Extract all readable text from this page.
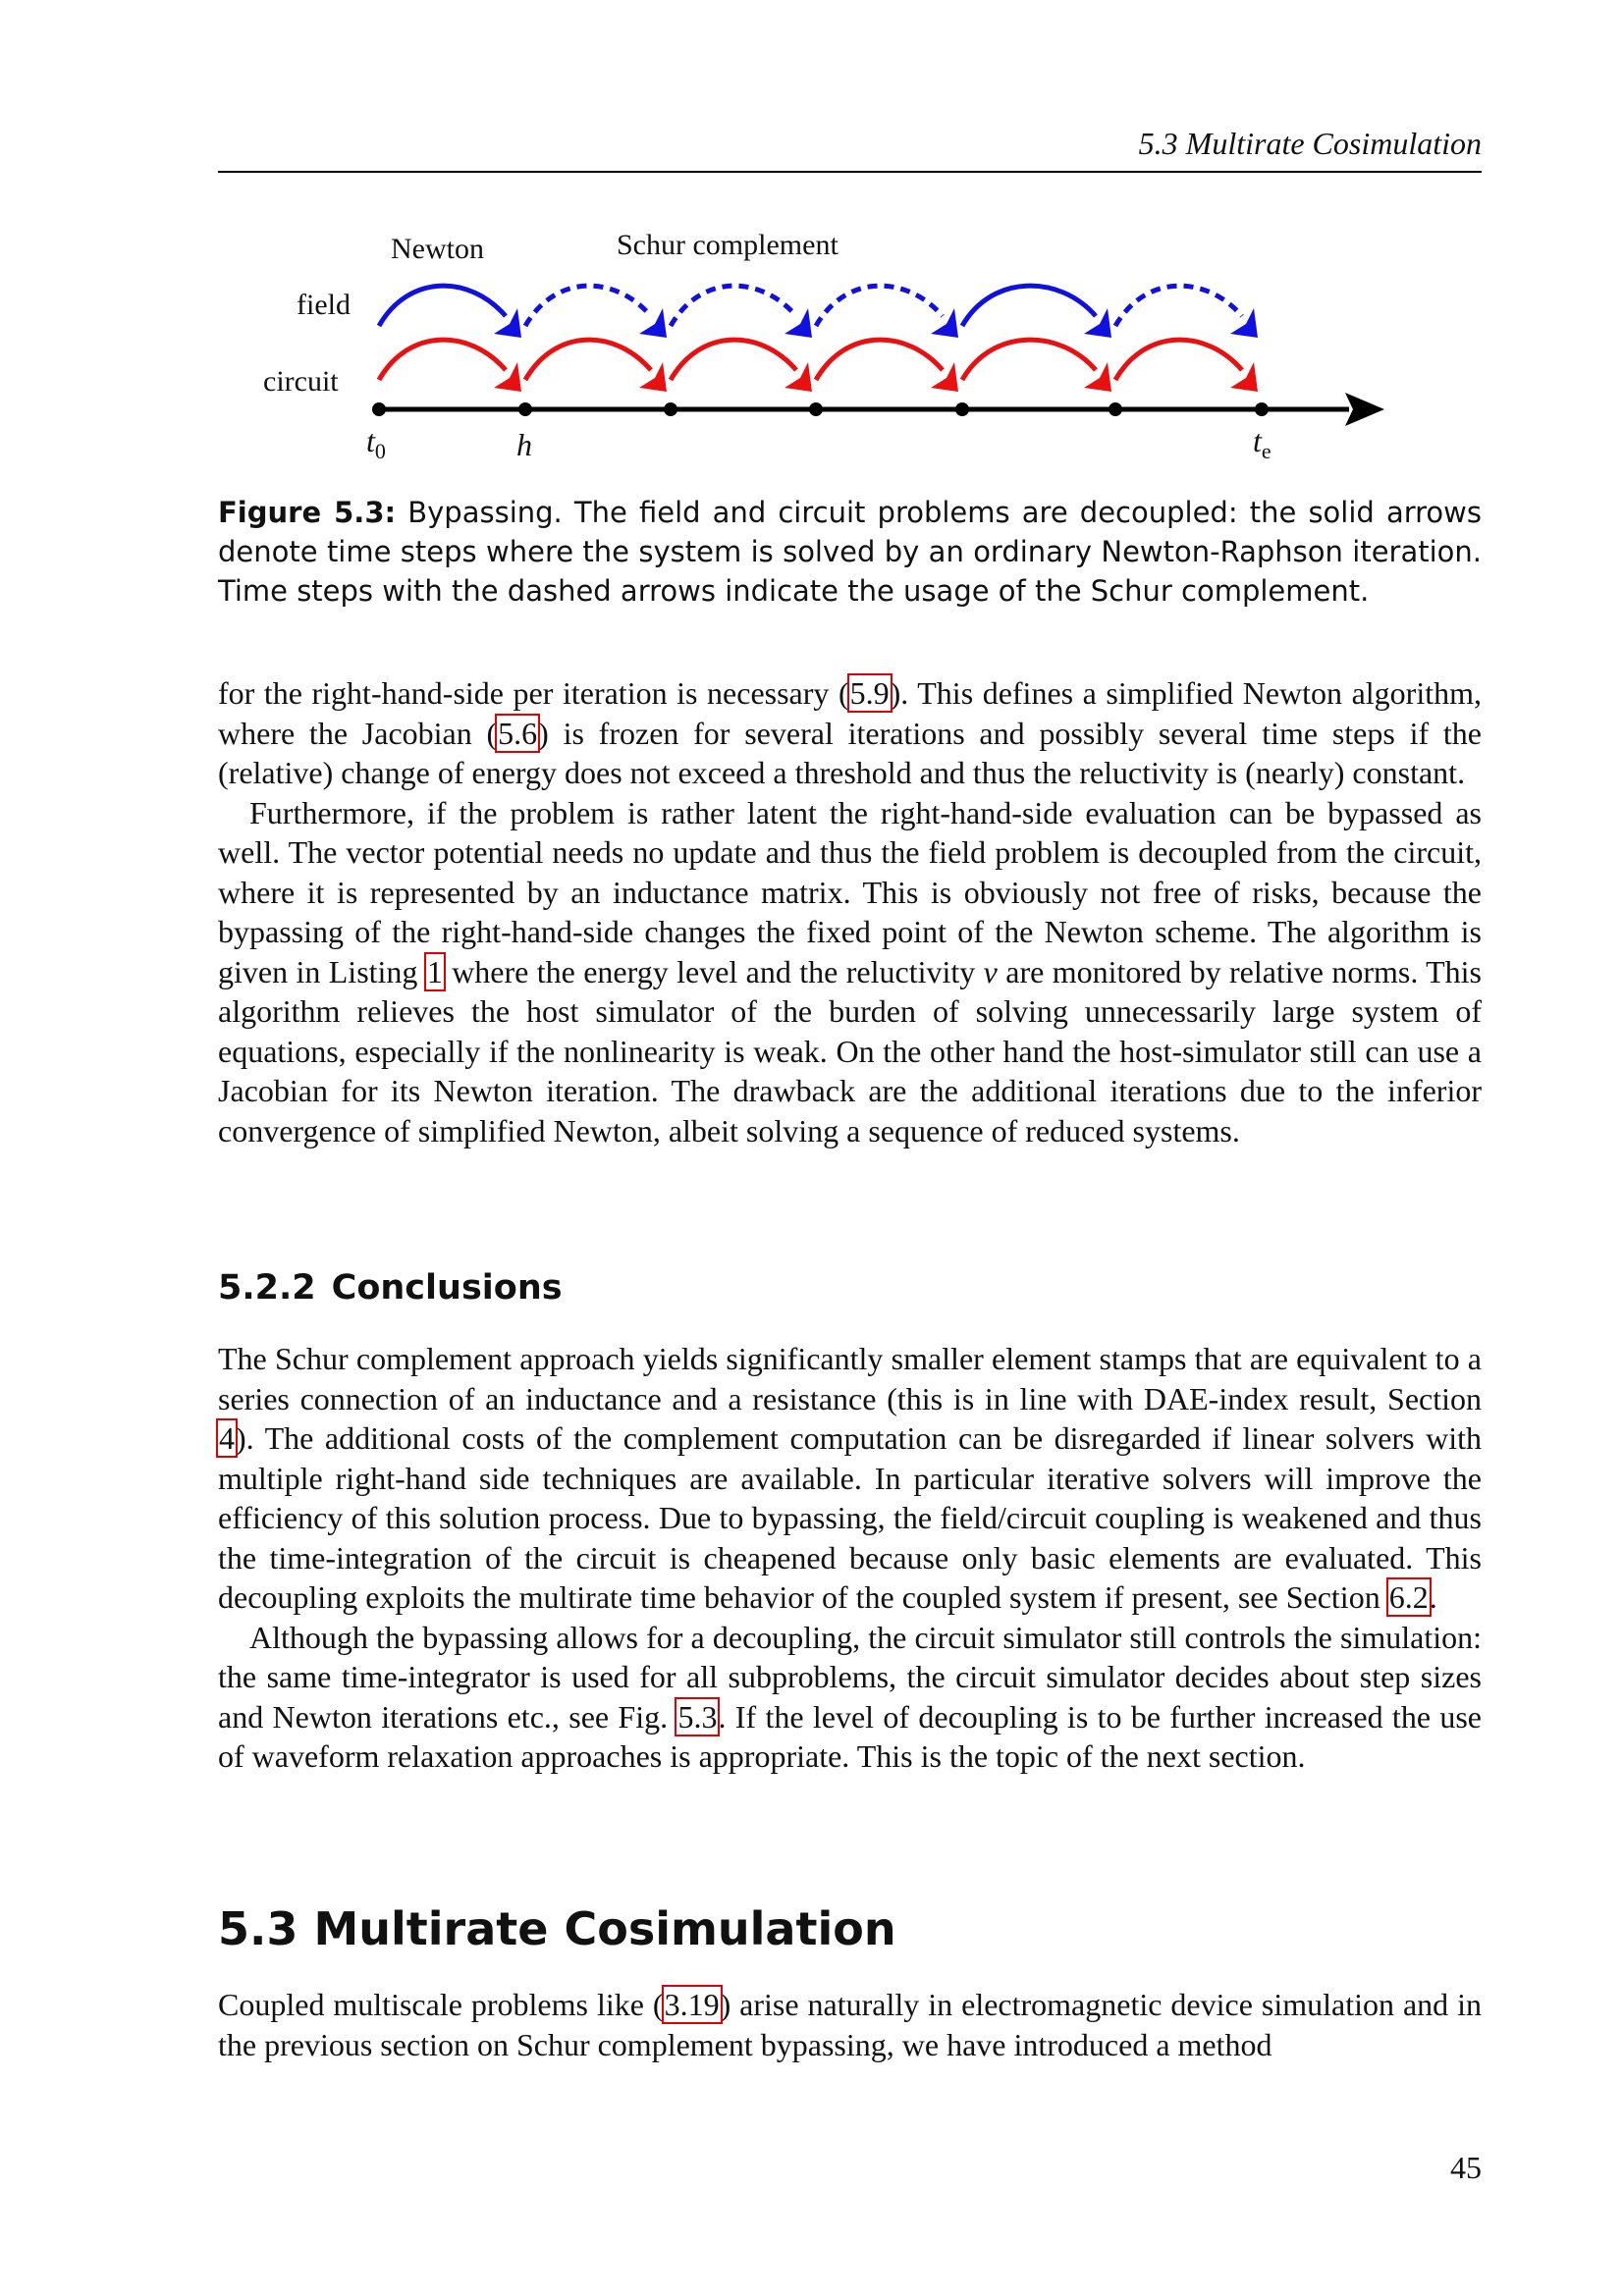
5.3 Multirate Cosimulation
Newton	Schur complement
field
circuit
$t_0$	h	$t_e$
Figure 5.3: Bypassing. The field and circuit problems are decoupled: the solid arrows denote time steps where the system is solved by an ordinary Newton-Raphson iteration. Time steps with the dashed arrows indicate the usage of the Schur complement.

for the right-hand-side per iteration is necessary (5.9). This defines a simplified Newton algorithm, where the Jacobian (5.6) is frozen for several iterations and possibly several time steps if the (relative) change of energy does not exceed a threshold and thus the reluctivity is (nearly) constant.

Furthermore, if the problem is rather latent the right-hand-side evaluation can be bypassed as well. The vector potential needs no update and thus the field problem is decoupled from the circuit, where it is represented by an inductance matrix. This is obviously not free of risks, because the bypassing of the right-hand-side changes the fixed point of the Newton scheme. The algorithm is given in Listing 1 where the energy level and the reluctivity ν are monitored by relative norms. This algorithm relieves the host simulator of the burden of solving unnecessarily large system of equations, especially if the nonlinearity is weak. On the other hand the host-simulator still can use a Jacobian for its Newton iteration. The drawback are the additional iterations due to the inferior convergence of simplified Newton, albeit solving a sequence of reduced systems.

5.2.2 Conclusions

The Schur complement approach yields significantly smaller element stamps that are equivalent to a series connection of an inductance and a resistance (this is in line with DAE-index result, Section 4). The additional costs of the complement computation can be disregarded if linear solvers with multiple right-hand side techniques are available. In particular iterative solvers will improve the efficiency of this solution process. Due to bypassing, the field/circuit coupling is weakened and thus the time-integration of the circuit is cheapened because only basic elements are evaluated. This decoupling exploits the multirate time behavior of the coupled system if present, see Section 6.2.

Although the bypassing allows for a decoupling, the circuit simulator still controls the simulation: the same time-integrator is used for all subproblems, the circuit simulator decides about step sizes and Newton iterations etc., see Fig. 5.3. If the level of decoupling is to be further increased the use of waveform relaxation approaches is appropriate. This is the topic of the next section.

5.3 Multirate Cosimulation

Coupled multiscale problems like (3.19) arise naturally in electromagnetic device simulation and in the previous section on Schur complement bypassing, we have introduced a method

45
